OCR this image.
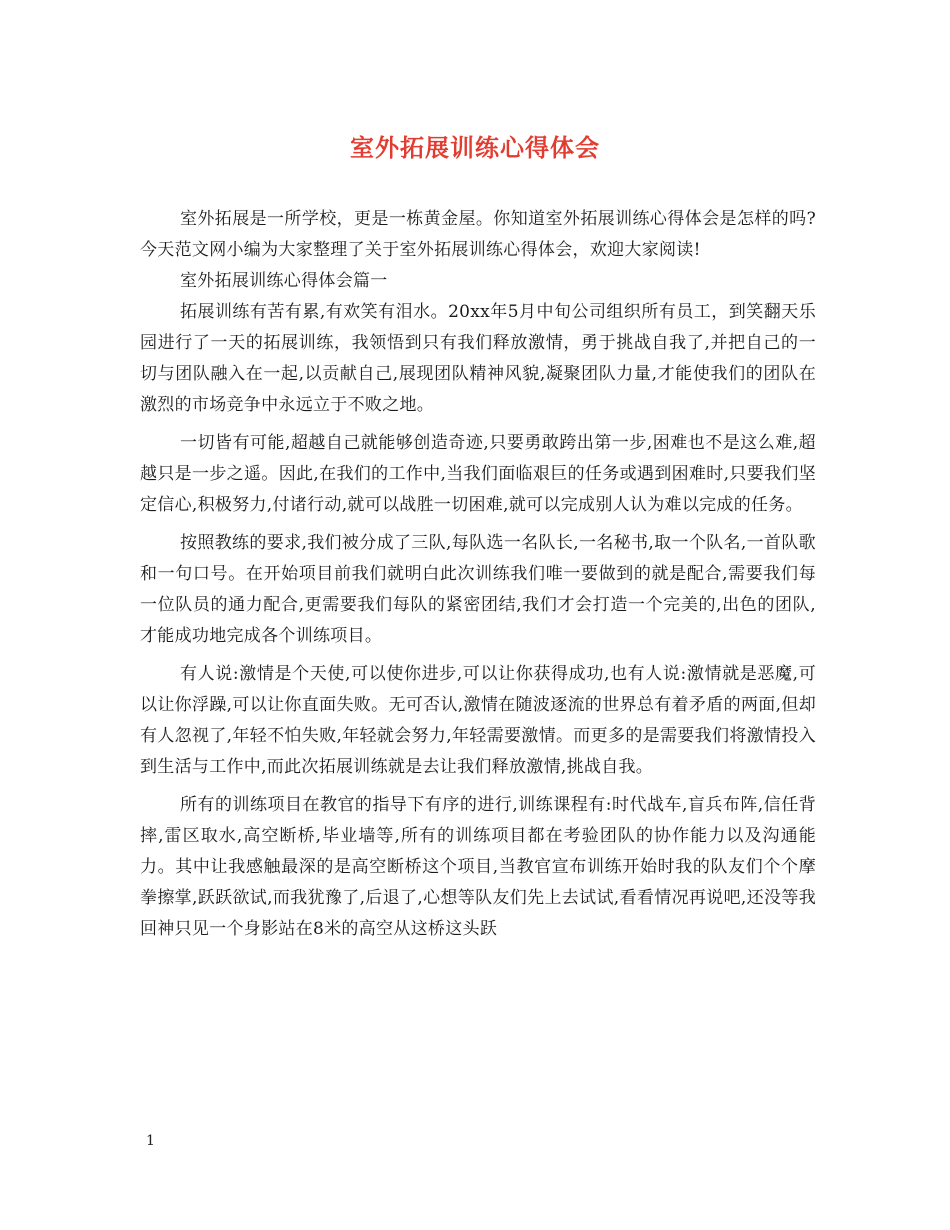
室外拓展训练心得体会

室外拓展是一所学校，更是一栋黄金屋。你知道室外拓展训练心得体会是怎样的吗?今天范文网小编为大家整理了关于室外拓展训练心得体会，欢迎大家阅读!

室外拓展训练心得体会篇一

拓展训练有苦有累,有欢笑有泪水。20xx年5月中旬公司组织所有员工，到笑翻天乐园进行了一天的拓展训练，我领悟到只有我们释放激情，勇于挑战自我了,并把自己的一切与团队融入在一起,以贡献自己,展现团队精神风貌,凝聚团队力量,才能使我们的团队在激烈的市场竞争中永远立于不败之地。

一切皆有可能,超越自己就能够创造奇迹,只要勇敢跨出第一步,困难也不是这么难,超越只是一步之遥。因此,在我们的工作中,当我们面临艰巨的任务或遇到困难时,只要我们坚定信心,积极努力,付诸行动,就可以战胜一切困难,就可以完成别人认为难以完成的任务。

按照教练的要求,我们被分成了三队,每队选一名队长,一名秘书,取一个队名,一首队歌和一句口号。在开始项目前我们就明白此次训练我们唯一要做到的就是配合,需要我们每一位队员的通力配合,更需要我们每队的紧密团结,我们才会打造一个完美的,出色的团队,才能成功地完成各个训练项目。

有人说:激情是个天使,可以使你进步,可以让你获得成功,也有人说:激情就是恶魔,可以让你浮躁,可以让你直面失败。无可否认,激情在随波逐流的世界总有着矛盾的两面,但却有人忽视了,年轻不怕失败,年轻就会努力,年轻需要激情。而更多的是需要我们将激情投入到生活与工作中,而此次拓展训练就是去让我们释放激情,挑战自我。

所有的训练项目在教官的指导下有序的进行,训练课程有:时代战车,盲兵布阵,信任背摔,雷区取水,高空断桥,毕业墙等,所有的训练项目都在考验团队的协作能力以及沟通能力。其中让我感触最深的是高空断桥这个项目,当教官宣布训练开始时我的队友们个个摩拳擦掌,跃跃欲试,而我犹豫了,后退了,心想等队友们先上去试试,看看情况再说吧,还没等我回神只见一个身影站在8米的高空从这桥这头跃

1
